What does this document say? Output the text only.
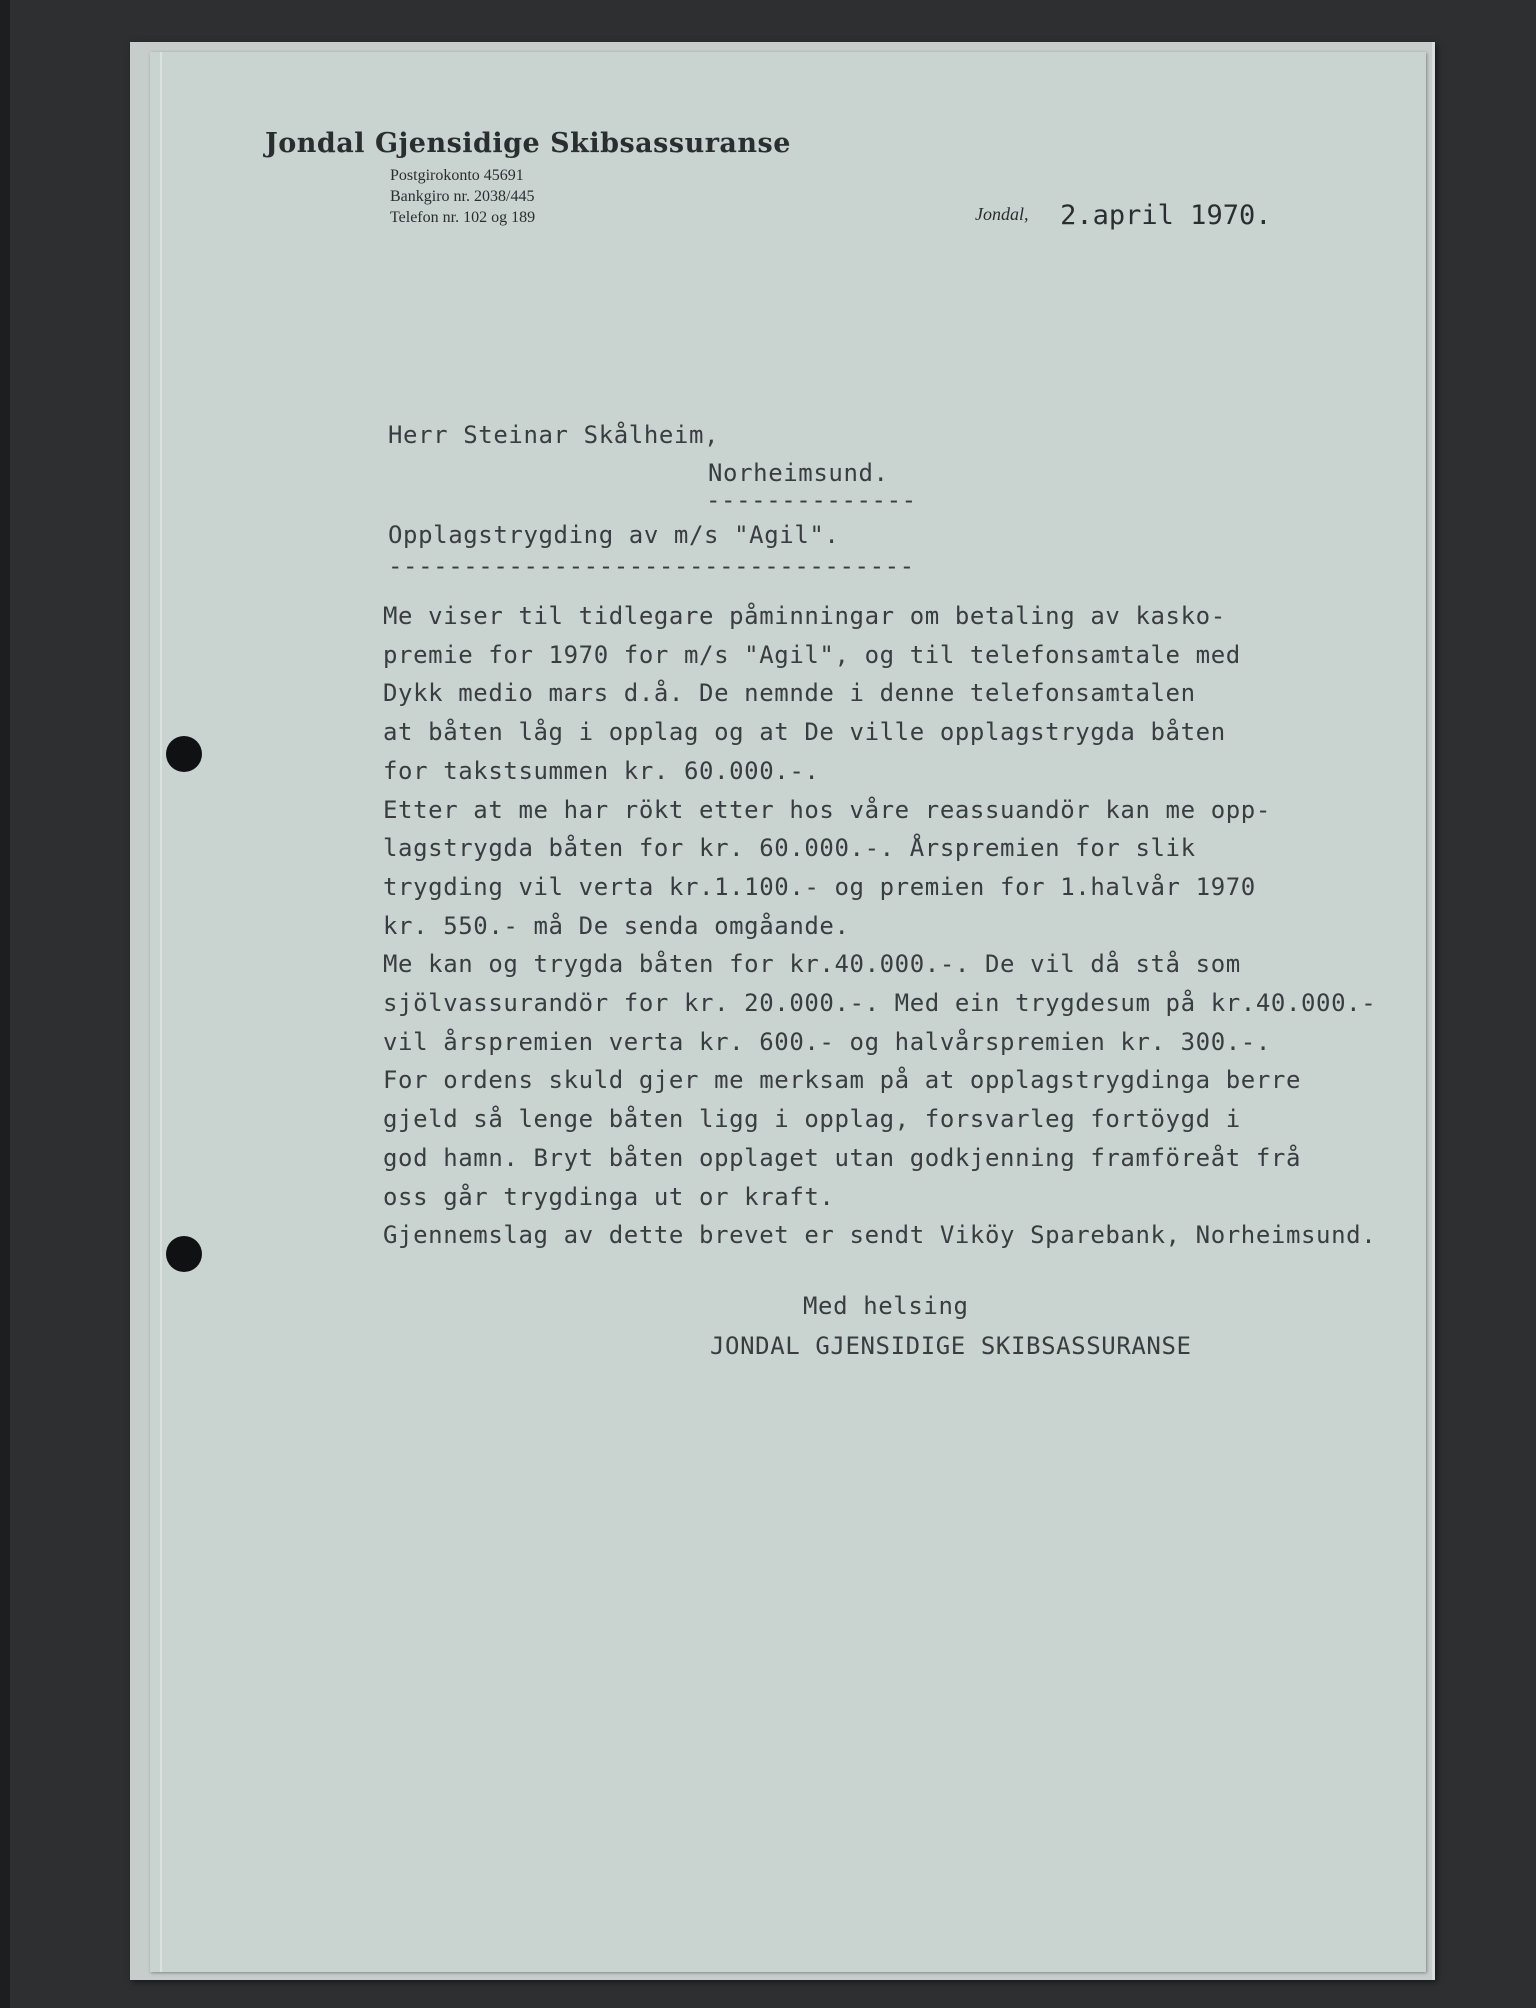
Jondal Gjensidige Skibsassuranse
Postgirokonto 45691
Bankgiro nr. 2038/445
Telefon nr. 102 og 189	Jondal, 2.april 1970.
Herr Steinar Skålheim,
Norheimsund.
--------------
Opplagstrygding av m/s "Agil".
-----------------------------------
Me viser til tidlegare påminningar om betaling av kasko-
premie for 1970 for m/s "Agil", og til telefonsamtale med
Dykk medio mars d.å. De nemnde i denne telefonsamtalen
at båten låg i opplag og at De ville opplagstrygda båten
for takstsummen kr. 60.000.-.
Etter at me har rökt etter hos våre reassuandör kan me opp-
lagstrygda båten for kr. 60.000.-. Årspremien for slik
trygding vil verta kr.1.100.- og premien for 1.halvår 1970
kr. 550.- må De senda omgåande.
Me kan og trygda båten for kr.40.000.-. De vil då stå som
sjölvassurandör for kr. 20.000.-. Med ein trygdesum på kr.40.000.-
vil årspremien verta kr. 600.- og halvårspremien kr. 300.-.
For ordens skuld gjer me merksam på at opplagstrygdinga berre
gjeld så lenge båten ligg i opplag, forsvarleg fortöygd i
god hamn. Bryt båten opplaget utan godkjenning framföreåt frå
oss går trygdinga ut or kraft.
Gjennemslag av dette brevet er sendt Viköy Sparebank, Norheimsund.
Med helsing
JONDAL GJENSIDIGE SKIBSASSURANSE
